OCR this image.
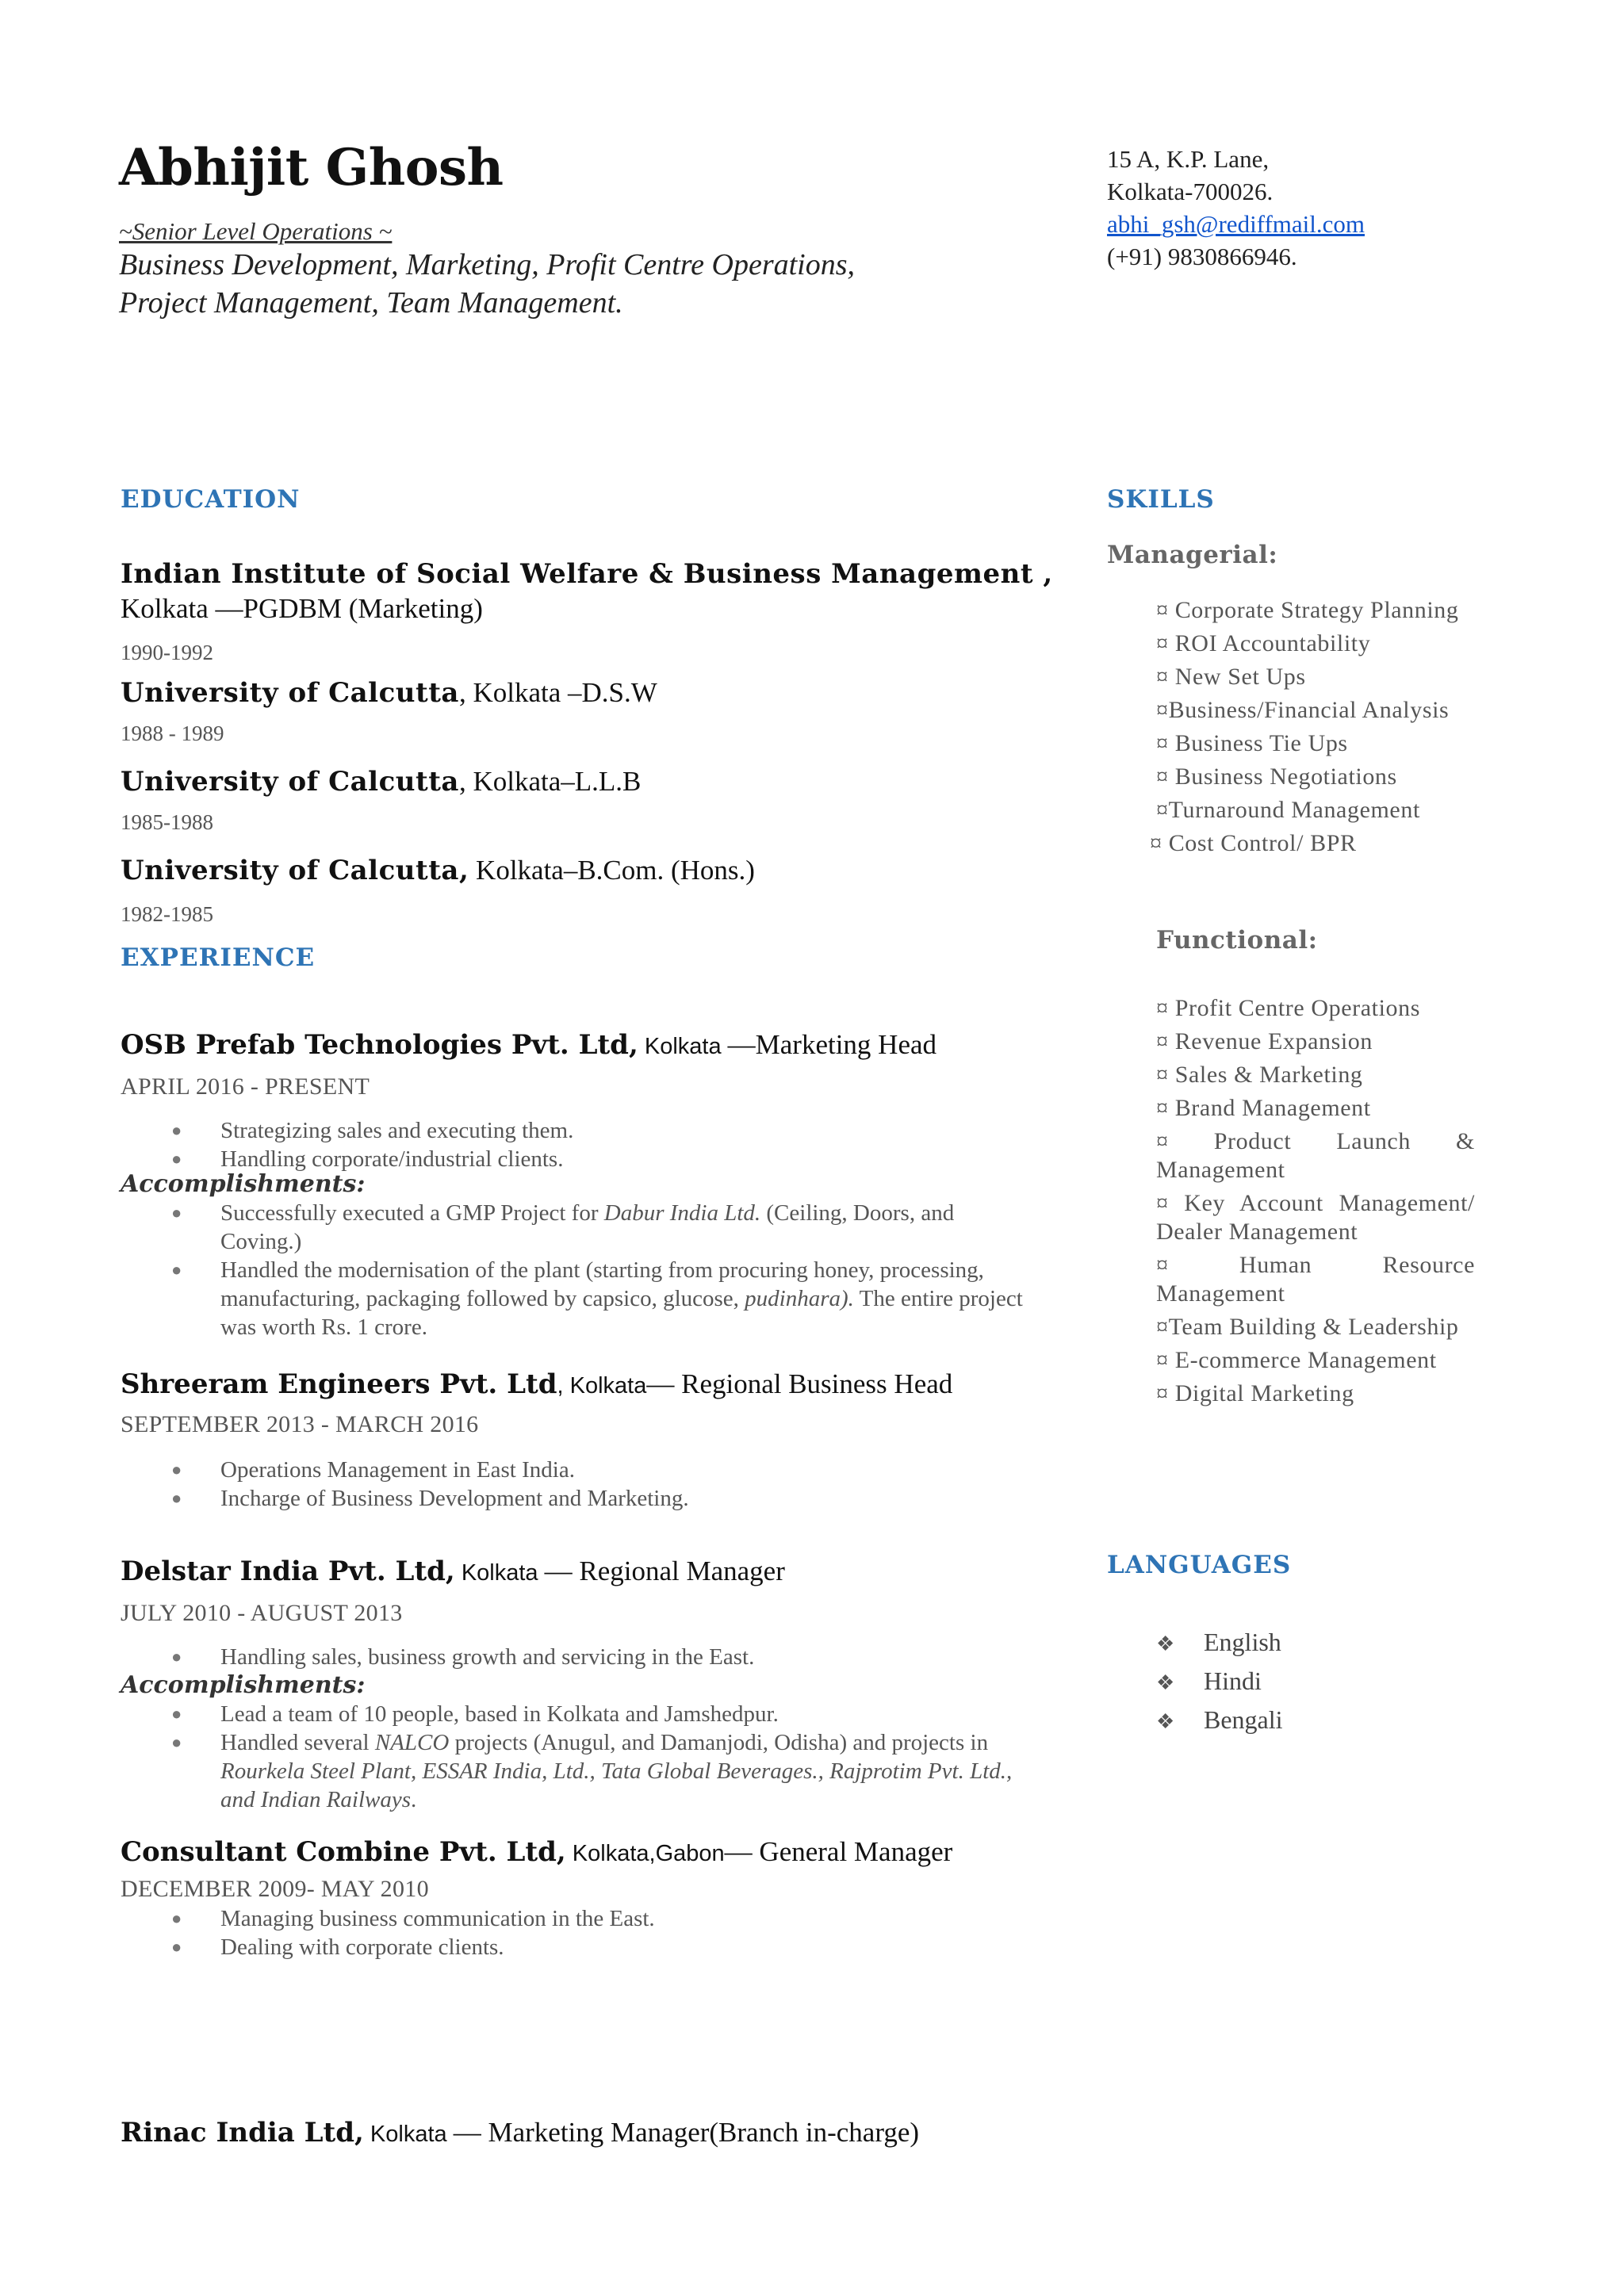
Abhijit Ghosh
~Senior Level Operations ~
Business Development, Marketing, Profit Centre Operations,
Project Management, Team Management.
15 A, K.P. Lane,
Kolkata-700026.
abhi_gsh@rediffmail.com
(+91) 9830866946.
EDUCATION
Indian Institute of Social Welfare & Business Management ,
Kolkata —PGDBM (Marketing)
1990-1992
University of Calcutta, Kolkata –D.S.W
1988 - 1989
University of Calcutta, Kolkata–L.L.B
1985-1988
University of Calcutta, Kolkata–B.Com. (Hons.)
1982-1985
EXPERIENCE
OSB Prefab Technologies Pvt. Ltd, Kolkata —Marketing Head
APRIL 2016 - PRESENT
● Strategizing sales and executing them.
● Handling corporate/industrial clients.
Accomplishments:
● Successfully executed a GMP Project for Dabur India Ltd. (Ceiling, Doors, and Coving.)
● Handled the modernisation of the plant (starting from procuring honey, processing, manufacturing, packaging followed by capsico, glucose, pudinhara). The entire project was worth Rs. 1 crore.
Shreeram Engineers Pvt. Ltd, Kolkata— Regional Business Head
SEPTEMBER 2013 - MARCH 2016
● Operations Management in East India.
● Incharge of Business Development and Marketing.
Delstar India Pvt. Ltd, Kolkata — Regional Manager
JULY 2010 - AUGUST 2013
● Handling sales, business growth and servicing in the East.
Accomplishments:
● Lead a team of 10 people, based in Kolkata and Jamshedpur.
● Handled several NALCO projects (Anugul, and Damanjodi, Odisha) and projects in Rourkela Steel Plant, ESSAR India, Ltd., Tata Global Beverages., Rajprotim Pvt. Ltd., and Indian Railways.
Consultant Combine Pvt. Ltd, Kolkata,Gabon— General Manager
DECEMBER 2009- MAY 2010
● Managing business communication in the East.
● Dealing with corporate clients.
Rinac India Ltd, Kolkata — Marketing Manager(Branch in-charge)
SKILLS
Managerial:
¤ Corporate Strategy Planning
¤ ROI Accountability
¤ New Set Ups
¤Business/Financial Analysis
¤ Business Tie Ups
¤ Business Negotiations
¤Turnaround Management
¤ Cost Control/ BPR
Functional:
¤ Profit Centre Operations
¤ Revenue Expansion
¤ Sales & Marketing
¤ Brand Management
¤ Product Launch & Management
¤ Key Account Management/ Dealer Management
¤ Human Resource Management
¤Team Building & Leadership
¤ E-commerce Management
¤ Digital Marketing
LANGUAGES
❖ English
❖ Hindi
❖ Bengali
